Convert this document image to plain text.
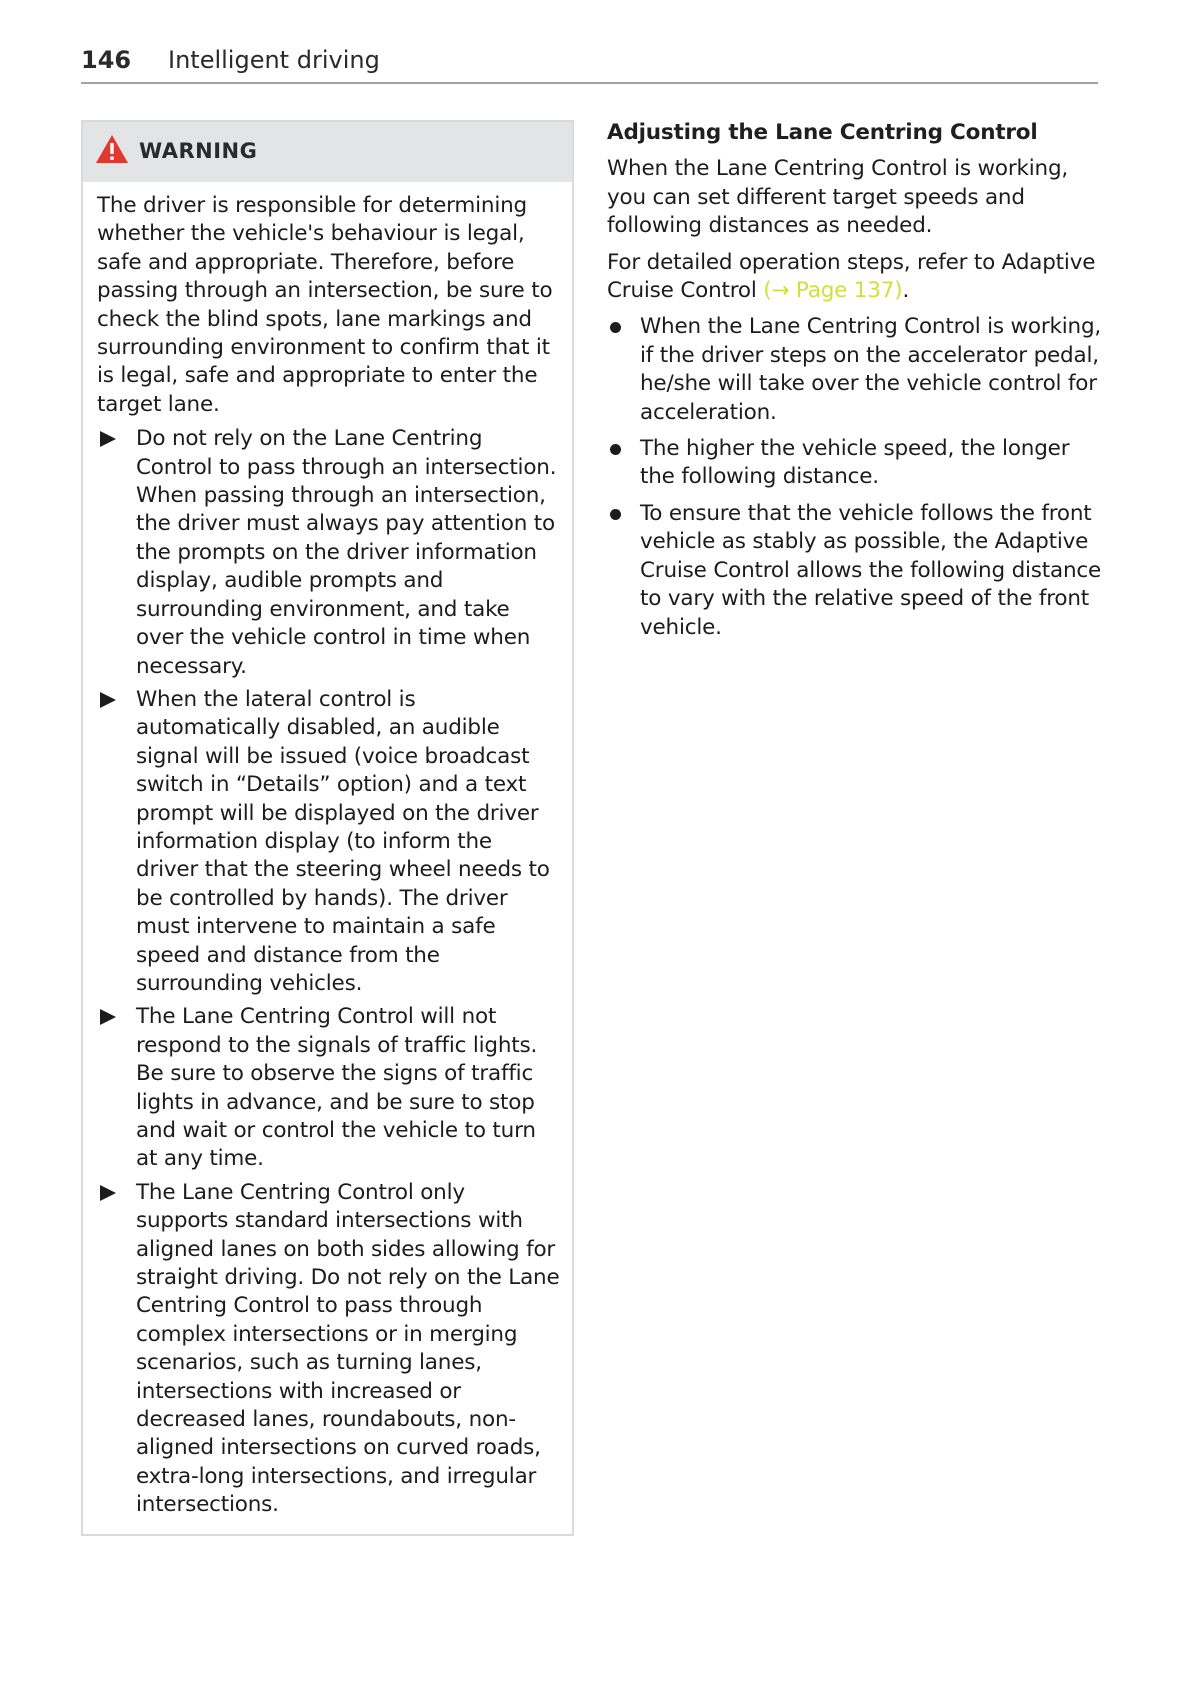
146 Intelligent driving
WARNING

The driver is responsible for determining whether the vehicle's behaviour is legal, safe and appropriate. Therefore, before passing through an intersection, be sure to check the blind spots, lane markings and surrounding environment to confirm that it is legal, safe and appropriate to enter the target lane.

Do not rely on the Lane Centring Control to pass through an intersection. When passing through an intersection, the driver must always pay attention to the prompts on the driver information display, audible prompts and surrounding environment, and take over the vehicle control in time when necessary.
When the lateral control is automatically disabled, an audible signal will be issued (voice broadcast switch in “Details” option) and a text prompt will be displayed on the driver information display (to inform the driver that the steering wheel needs to be controlled by hands). The driver must intervene to maintain a safe speed and distance from the surrounding vehicles.
The Lane Centring Control will not respond to the signals of traffic lights. Be sure to observe the signs of traffic lights in advance, and be sure to stop and wait or control the vehicle to turn at any time.
The Lane Centring Control only supports standard intersections with aligned lanes on both sides allowing for straight driving. Do not rely on the Lane Centring Control to pass through complex intersections or in merging scenarios, such as turning lanes, intersections with increased or decreased lanes, roundabouts, non-aligned intersections on curved roads, extra-long intersections, and irregular intersections.
Adjusting the Lane Centring Control

When the Lane Centring Control is working, you can set different target speeds and following distances as needed.

For detailed operation steps, refer to Adaptive Cruise Control (→ Page 137).

When the Lane Centring Control is working, if the driver steps on the accelerator pedal, he/she will take over the vehicle control for acceleration.
The higher the vehicle speed, the longer the following distance.
To ensure that the vehicle follows the front vehicle as stably as possible, the Adaptive Cruise Control allows the following distance to vary with the relative speed of the front vehicle.
